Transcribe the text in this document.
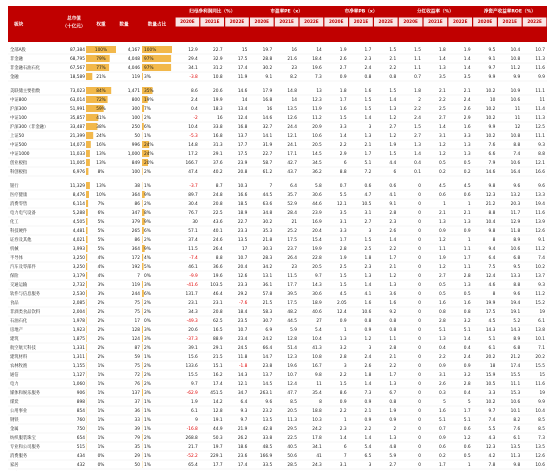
板块
总市值
（十亿元） 权重	数量	数量占比
归母净利润同比（%）
2020E 2021E 2022E
市盈率PE（x）
2020E 2021E 2022E
市净率PB（x）
2020E 2021E 2022E
分红收益率（%）
2020E 2021E 2022E
净资产收益率ROE（%）
2020E 2021E 2022E
全部A股	87,384 100%	4,167 100%	12.9	22.7	15	19.7	16	14	1.9	1.7	1.5	1.5	1.8	1.9	9.5	10.4	10.7
非金融	68,795	79%	4,048 97%	29.4	32.9	17.5	28.8	21.6	18.4	2.6	2.3	2.1	1.1	1.4	1.4	9.1	10.8	11.3
非金融石油石化	67,567	77%	4,046 97%	34.1	31.2	17.4	30.2	23	19.6	2.7	2.4	2.2	1.1	1.3	1.4	9.7	11.2	11.6
金融	18,589	21%	119 3%	-3.8	10.8	11.9	9.1	8.2	7.3	0.9	0.8	0.8	0.7	3.5	3.5	9.9	9.9	9.9
美联储主要指数	73,023	84%	1,471 35%	8.6	20.6	14.6	17.9	14.8	13	1.8	1.6	1.5	1.8	2.1	2.1	10.2	10.9	11.1
中证800	63,014	72%	800 19%	2.4	19.9	14	16.8	14	12.3	1.7	1.5	1.4	2	2.2	2.4	10	10.6	11
沪深300	51,991	59%	300 7%	0.4	18.3	13.4	16	13.5	11.9	1.6	1.5	1.3	2.2	2.5	2.6	10.2	11	11.4
中证100	35,857	41%	100 2%	-2	16	12.4	14.6	12.6	11.2	1.5	1.4	1.2	2.4	2.7	2.9	10.2	11	11.3
沪深300（非金融）	33,487	38%	250 6%	10.4	33.8	16.8	32.7	24.4	20.9	3.3	3	2.7	1.5	1.4	1.6	9.9	12	12.5
上证50	21,399	24%	50 1%	-5.3	16.8	13.7	14.1	12.1	10.6	1.4	1.3	1.2	2.7	3.1	3.3	10.2	10.8	11.1
中证500	14,073	16%	996 24%	14.8	31.3	17.7	31.9	24.1	20.5	2.2	2.1	1.9	1.3	1.2	1.3	7.6	8.8	9.3
中证1000	11,033	13%	1,000 24%	17.2	29.1	17.5	22.7	17.1	14.5	2.9	1.7	1.5	1.4	1.2	1.3	6.6	7.4	8.8
创业板指	11,005	13%	849 20%	166.7	37.6	23.9	58.7	42.7	34.5	6	5.1	4.4	0.4	0.5	0.5	7.9	10.6	12.1
科创板指	6,976	8%	100 2%	47.4	40.2	20.8	61.2	43.7	36.2	8.8	7.2	6	0.1	0.2	0.2	14.6	16.4	16.6
银行	11,329	13%	38 1%	-3.7	8.7	10.3	7	6.4	5.8	0.7	0.6	0.6	0	4.5	4.5	9.8	9.6	9.6
医疗健康	8,476	10%	364 9%	89.7	24.8	16.6	44.5	35.7	30.6	5.5	4.7	4.1	0	0.6	0.6	12.3	13.2	13.3
消费零售	6,114	7%	86 2%	30.4	20.8	18.5	63.6	52.9	44.6	12.1	10.5	9.1	0	1	1	21.2	20.3	19.4
电力电气设备	5,288	6%	347 8%	76.7	22.5	18.9	34.8	28.4	23.9	3.5	3.1	2.8	0	2.1	2.1	8.8	11.7	11.6
化工	4,505	5%	379 9%	30	43.6	22.7	30.2	21	16.9	3.1	2.7	2.3	0	1.3	1.3	10.4	12.9	13.9
科技硬件	4,481	5%	265 6%	57.1	40.1	23.3	35.3	25.2	20.4	3.3	3	2.6	0	0.9	0.9	9.8	11.8	12.6
证券及其他	4,021	5%	86 2%	37.4	24.6	13.5	21.8	17.5	15.4	1.7	1.5	1.4	0	1.2	1	8	8.9	9.1
机械	3,993	5%	364 9%	11.5	26.4	17	30.3	23.7	19.9	2.8	2.5	2.2	0	1.1	1.1	9.4	10.6	11.2
半导体	3,250	4%	172 4%	-7.4	8.8	10.7	28.3	26.4	22.8	1.9	1.8	1.7	0	1.9	1.7	6.4	6.8	7.4
汽车及零部件	3,250	4%	192 5%	46.1	36.6	20.4	34.2	23	20.5	2.5	2.3	2.1	0	1.2	1.1	7.5	9.5	10.2
保险	3,179	4%	7 0%	-9.9	19.6	12.6	13.1	11.5	9.7	1.5	1.3	1.2	0	2.7	2.8	12.4	13.3	13.7
交通运输	2,732	3%	119 3%	-41.6	103.5	23.3	36.1	17.7	14.3	1.5	1.4	1.3	0	0.5	1.3	4.6	8.8	9.3
软件与信息服务	2,530	3%	244 6%	131.7	46.4	29.2	57.8	39.5	30.6	4.5	4.1	3.6	0	0.5	0.5	8	9.6	11.2
食品	2,085	2%	75 2%	23.1	23.1	-7.6	21.5	17.5	18.9	2.05	1.6	1.6	0	1.6	1.6	19.9	19.4	15.2
非酒类食品饮料	2,004	2%	75 2%	34.3	20.8	18.4	58.3	48.2	40.6	12.4	10.6	9.2	0	0.8	0.8	17.5	19.1	19
石油石化	1,978	2%	17 0%	-49.3	62.5	23.5	30.7	44.5	27	0.9	0.8	0.8	0	2.8	3.2	4.5	5.2	6.1
房地产	1,923	2%	128 3%	20.6	16.5	10.7	6.9	5.9	5.4	1	0.9	0.8	0	5.1	5.1	14.3	14.3	13.8
建筑	1,875	2%	124 3%	-37.3	88.9	23.4	24.2	12.8	10.4	1.3	1.2	1.1	0	1.3	1.4	5.1	8.9	10.1
航空航天科技	1,331	2%	87 2%	39.1	29.1	24.5	66.4	51.4	41.3	3.2	3	2.8	0	0.4	0.4	6.1	6.8	7.1
建筑材料	1,311	2%	59 1%	15.6	21.5	11.8	14.7	12.3	10.8	2.8	2.4	2.1	0	2.2	2.4	20.2	21.2	20.2
农林牧渔	1,155	1%	75 2%	133.6	15.1	-1.8	23.8	19.6	16.7	3	2.6	2.2	0	0.9	0.9	18	17.4	15.5
通信	1,127	1%	72 2%	15.5	16.2	14.3	13.7	10.7	9.8	2.2	1.8	1.7	0	3.1	3.2	15.9	15.5	15
电力	1,060	1%	76 2%	9.7	17.4	12.1	14.5	12.4	11	1.5	1.4	1.3	0	2.6	2.8	10.5	11.1	11.6
媒体和娱乐服务	906	1%	137 3%	-62.9	451.5	34.7	263.1	47.7	35.4	8.6	7.3	6.7	0	0.3	0.4	3.3	15.3	19
煤炭	898	1%	37 1%	1.9	14.2	6.4	9.6	8.5	8	0.9	0.9	0.8	0	5	5	10.2	10.6	9.9
公用事业	854	1%	36 1%	6.1	12.8	9.3	23.2	20.5	18.8	2.2	2.1	1.9	0	1.6	1.7	9.7	10.1	10.4
钢铁	760	1%	33 1%	9	19.1	9.7	13.5	11.3	10.3	1	0.9	0.9	0	5.1	5.1	7.4	8.2	8.5
金属	750	1%	39 1%	-16.8	44.9	21.9	42.8	29.5	24.2	2.3	2.2	2	0	0.7	0.6	5.5	7.6	8.5
纺织服装珠宝	654	1%	79 2%	268.8	50.3	26.2	33.8	22.5	17.8	1.4	1.4	1.3	0	0.9	1.2	4.3	6.1	7.3
专业和公司服务	515	1%	35 1%	21.7	19.7	18.6	48.5	40.5	34.1	6	5.4	4.8	0	0.6	0.6	12.3	13.5	13.5
消费服务	434	0%	29 1%	-52.2	229.1	23.6	166.9	50.6	41	7	6.5	5.9	0	0.2	0.5	4.2	11.3	12.6
家居	432	0%	50 1%	65.4	17.7	17.4	33.5	28.5	24.3	3.1	3	2.7	0	1.7	1	7.8	9.8	10.6
